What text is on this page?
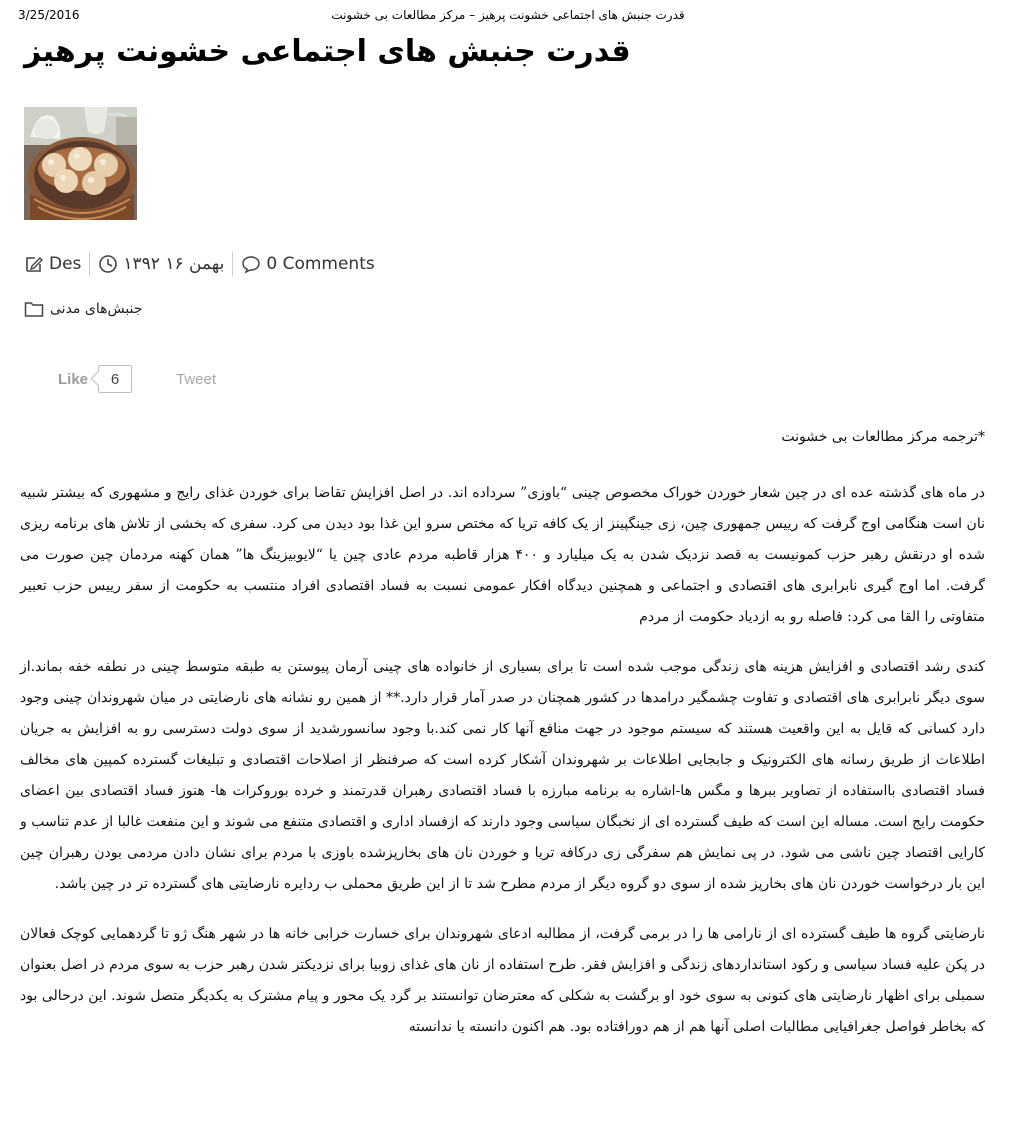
3/25/2016	قدرت جنبش های اجتماعی خشونت پرهیز – مرکز مطالعات بی خشونت
قدرت جنبش های اجتماعی خشونت پرهیز
Des بهمن ۱۶ ۱۳۹۲ 0 Comments
جنبش‌های مدنی
Like 6	Tweet

*ترجمه مرکز مطالعات بی خشونت

در ماه های گذشته عده ای در چین شعار خوردن خوراک مخصوص چینی “باوزی” سرداده اند. در اصل افزایش تقاضا برای خوردن غذای رایج و مشهوری که بیشتر شبیه نان است هنگامی اوج گرفت که رییس جمهوری چین، زی جینگپینز از یک کافه تریا که مختص سرو این غذا بود دیدن می کرد. سفری که بخشی از تلاش های برنامه ریزی شده او درنقش رهبر حزب کمونیست به قصد نزدیک شدن به یک میلیارد و ۴۰۰ هزار قاطبه مردم عادی چین یا “لایوبیزینگ ها” همان کهنه مردمان چین صورت می گرفت. اما اوج گیری نابرابری های اقتصادی و اجتماعی و همچنین دیدگاه افکار عمومی نسبت به فساد اقتصادی افراد منتسب به حکومت از سفر رییس حزب تعبیر متفاوتی را القا می کرد: فاصله رو به ازدیاد حکومت از مردم

کندی رشد اقتصادی و افزایش هزینه های زندگی موجب شده است تا برای بسیاری از خانواده های چینی آرمان پیوستن به طبقه متوسط چینی در نطفه خفه بماند.از سوی دیگر نابرابری های اقتصادی و تفاوت چشمگیر درامدها در کشور همچنان در صدر آمار قرار دارد.** از همین رو نشانه های نارضایتی در میان شهروندان چینی وجود دارد کسانی که قایل به این واقعیت هستند که سیستم موجود در جهت منافع آنها کار نمی کند.با وجود سانسورشدید از سوی دولت دسترسی رو به افزایش به جریان اطلاعات از طریق رسانه های الکترونیک و جابجایی اطلاعات بر شهروندان آشکار کرده است که صرفنظر از اصلاحات اقتصادی و تبلیغات گسترده کمپین های مخالف فساد اقتصادی بااستفاده از تصاویر ببرها و مگس ها-اشاره به برنامه مبارزه با فساد اقتصادی رهبران قدرتمند و خرده بوروکرات ها- هنوز فساد اقتصادی بین اعضای حکومت رایج است. مساله این است که طیف گسترده ای از نخبگان سیاسی وجود دارند که ازفساد اداری و اقتصادی متنفع می شوند و این منفعت غالبا از عدم تناسب و کارایی اقتصاد چین ناشی می شود. در پی نمایش هم سفرگی زی درکافه تریا و خوردن نان های بخارپزشده باوزی با مردم برای نشان دادن مردمی بودن رهبران چین این بار درخواست خوردن نان های بخارپز شده از سوی دو گروه دیگر از مردم مطرح شد تا از این طریق محملی ب ردایره نارضایتی های گسترده تر در چین باشد.

نارضایتی گروه ها طیف گسترده ای از نارامی ها را در برمی گرفت، از مطالبه ادعای شهروندان برای خسارت خرابی خانه ها در شهر هنگ ژو تا گردهمایی کوچک فعالان در پکن علیه فساد سیاسی و رکود استانداردهای زندگی و افزایش فقر. طرح استفاده از نان های غذای زوبیا برای نزدیکتر شدن رهبر حزب به سوی مردم در اصل بعنوان سمبلی برای اظهار نارضایتی های کنونی به سوی خود او برگشت به شکلی که معترضان توانستند بر گرد یک محور و پیام مشترک به یکدیگر متصل شوند. این درحالی بود که بخاطر فواصل جغرافیایی مطالبات اصلی آنها هم از هم دورافتاده بود. هم اکنون دانسته یا ندانسته
